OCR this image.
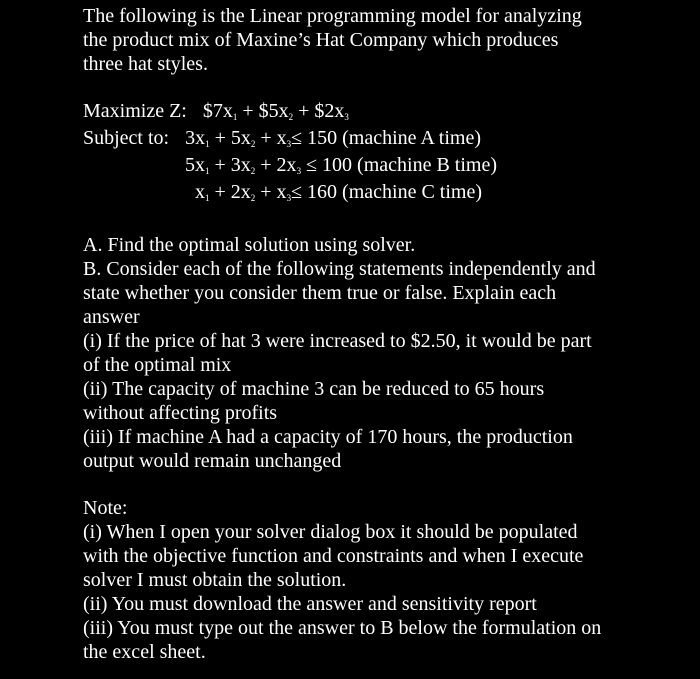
The following is the Linear programming model for analyzing
the product mix of Maxine’s Hat Company which produces
three hat styles.
Maximize Z: $\$7x_1$ + $\$5x_2$ + $\$2x_3$
Subject to: $3x_1 + 5x_2 + x_3\le 150$ (machine A time)
$5x_1 + 3x_2 + 2x_3 \le 100$ (machine B time)
$x_1 + 2x_2 + x_3\le 160$ (machine C time)
A. Find the optimal solution using solver.
B. Consider each of the following statements independently and
state whether you consider them true or false. Explain each
answer
(i) If the price of hat 3 were increased to $2.50, it would be part
of the optimal mix
(ii) The capacity of machine 3 can be reduced to 65 hours
without affecting profits
(iii) If machine A had a capacity of 170 hours, the production
output would remain unchanged
Note:
(i) When I open your solver dialog box it should be populated
with the objective function and constraints and when I execute
solver I must obtain the solution.
(ii) You must download the answer and sensitivity report
(iii) You must type out the answer to B below the formulation on
the excel sheet.
